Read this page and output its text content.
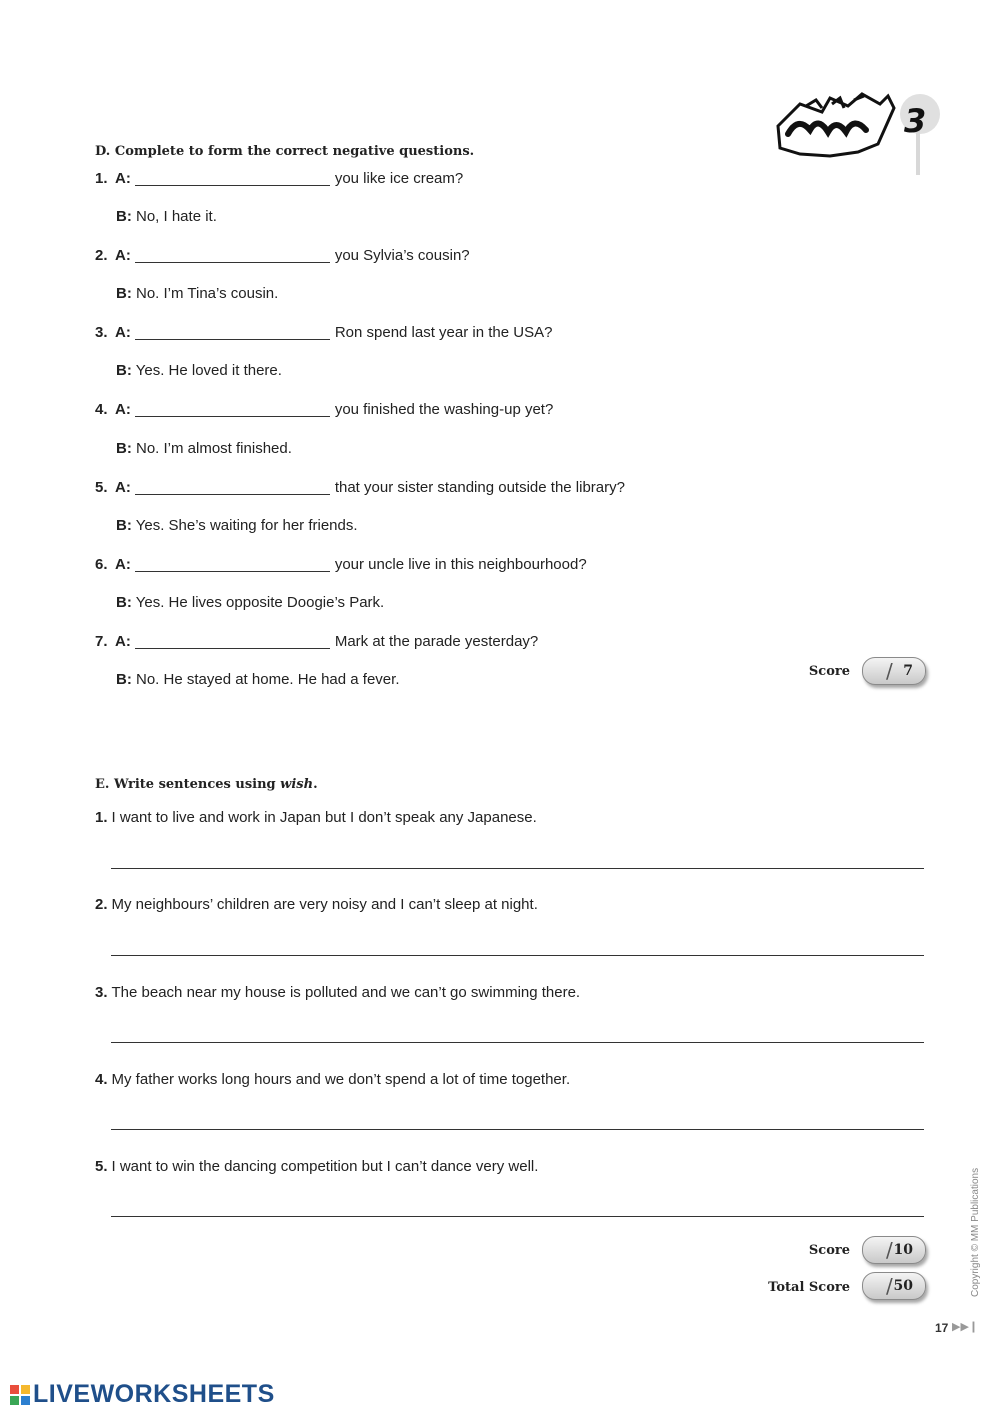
3
D. Complete to form the correct negative questions.
1. A:	you like ice cream?
B: No, I hate it.
2. A:	you Sylvia’s cousin?
B: No. I’m Tina’s cousin.
3. A:	Ron spend last year in the USA?
B: Yes. He loved it there.
4. A:	you finished the washing-up yet?
B: No. I’m almost finished.
5. A:	that your sister standing outside the library?
B: Yes. She’s waiting for her friends.
6. A:	your uncle live in this neighbourhood?
B: Yes. He lives opposite Doogie’s Park.
7. A:	Mark at the parade yesterday?
B: No. He stayed at home. He had a fever.	Score / 7
E. Write sentences using wish.
1. I want to live and work in Japan but I don’t speak any Japanese.
2. My neighbours’ children are very noisy and I can’t sleep at night.
3. The beach near my house is polluted and we can’t go swimming there.
4. My father works long hours and we don’t spend a lot of time together.
5. I want to win the dancing competition but I can’t dance very well.
Score / 10
Total Score / 50	Copyright © MM Publications
17 ▶▶❙
LIVEWORKSHEETS
